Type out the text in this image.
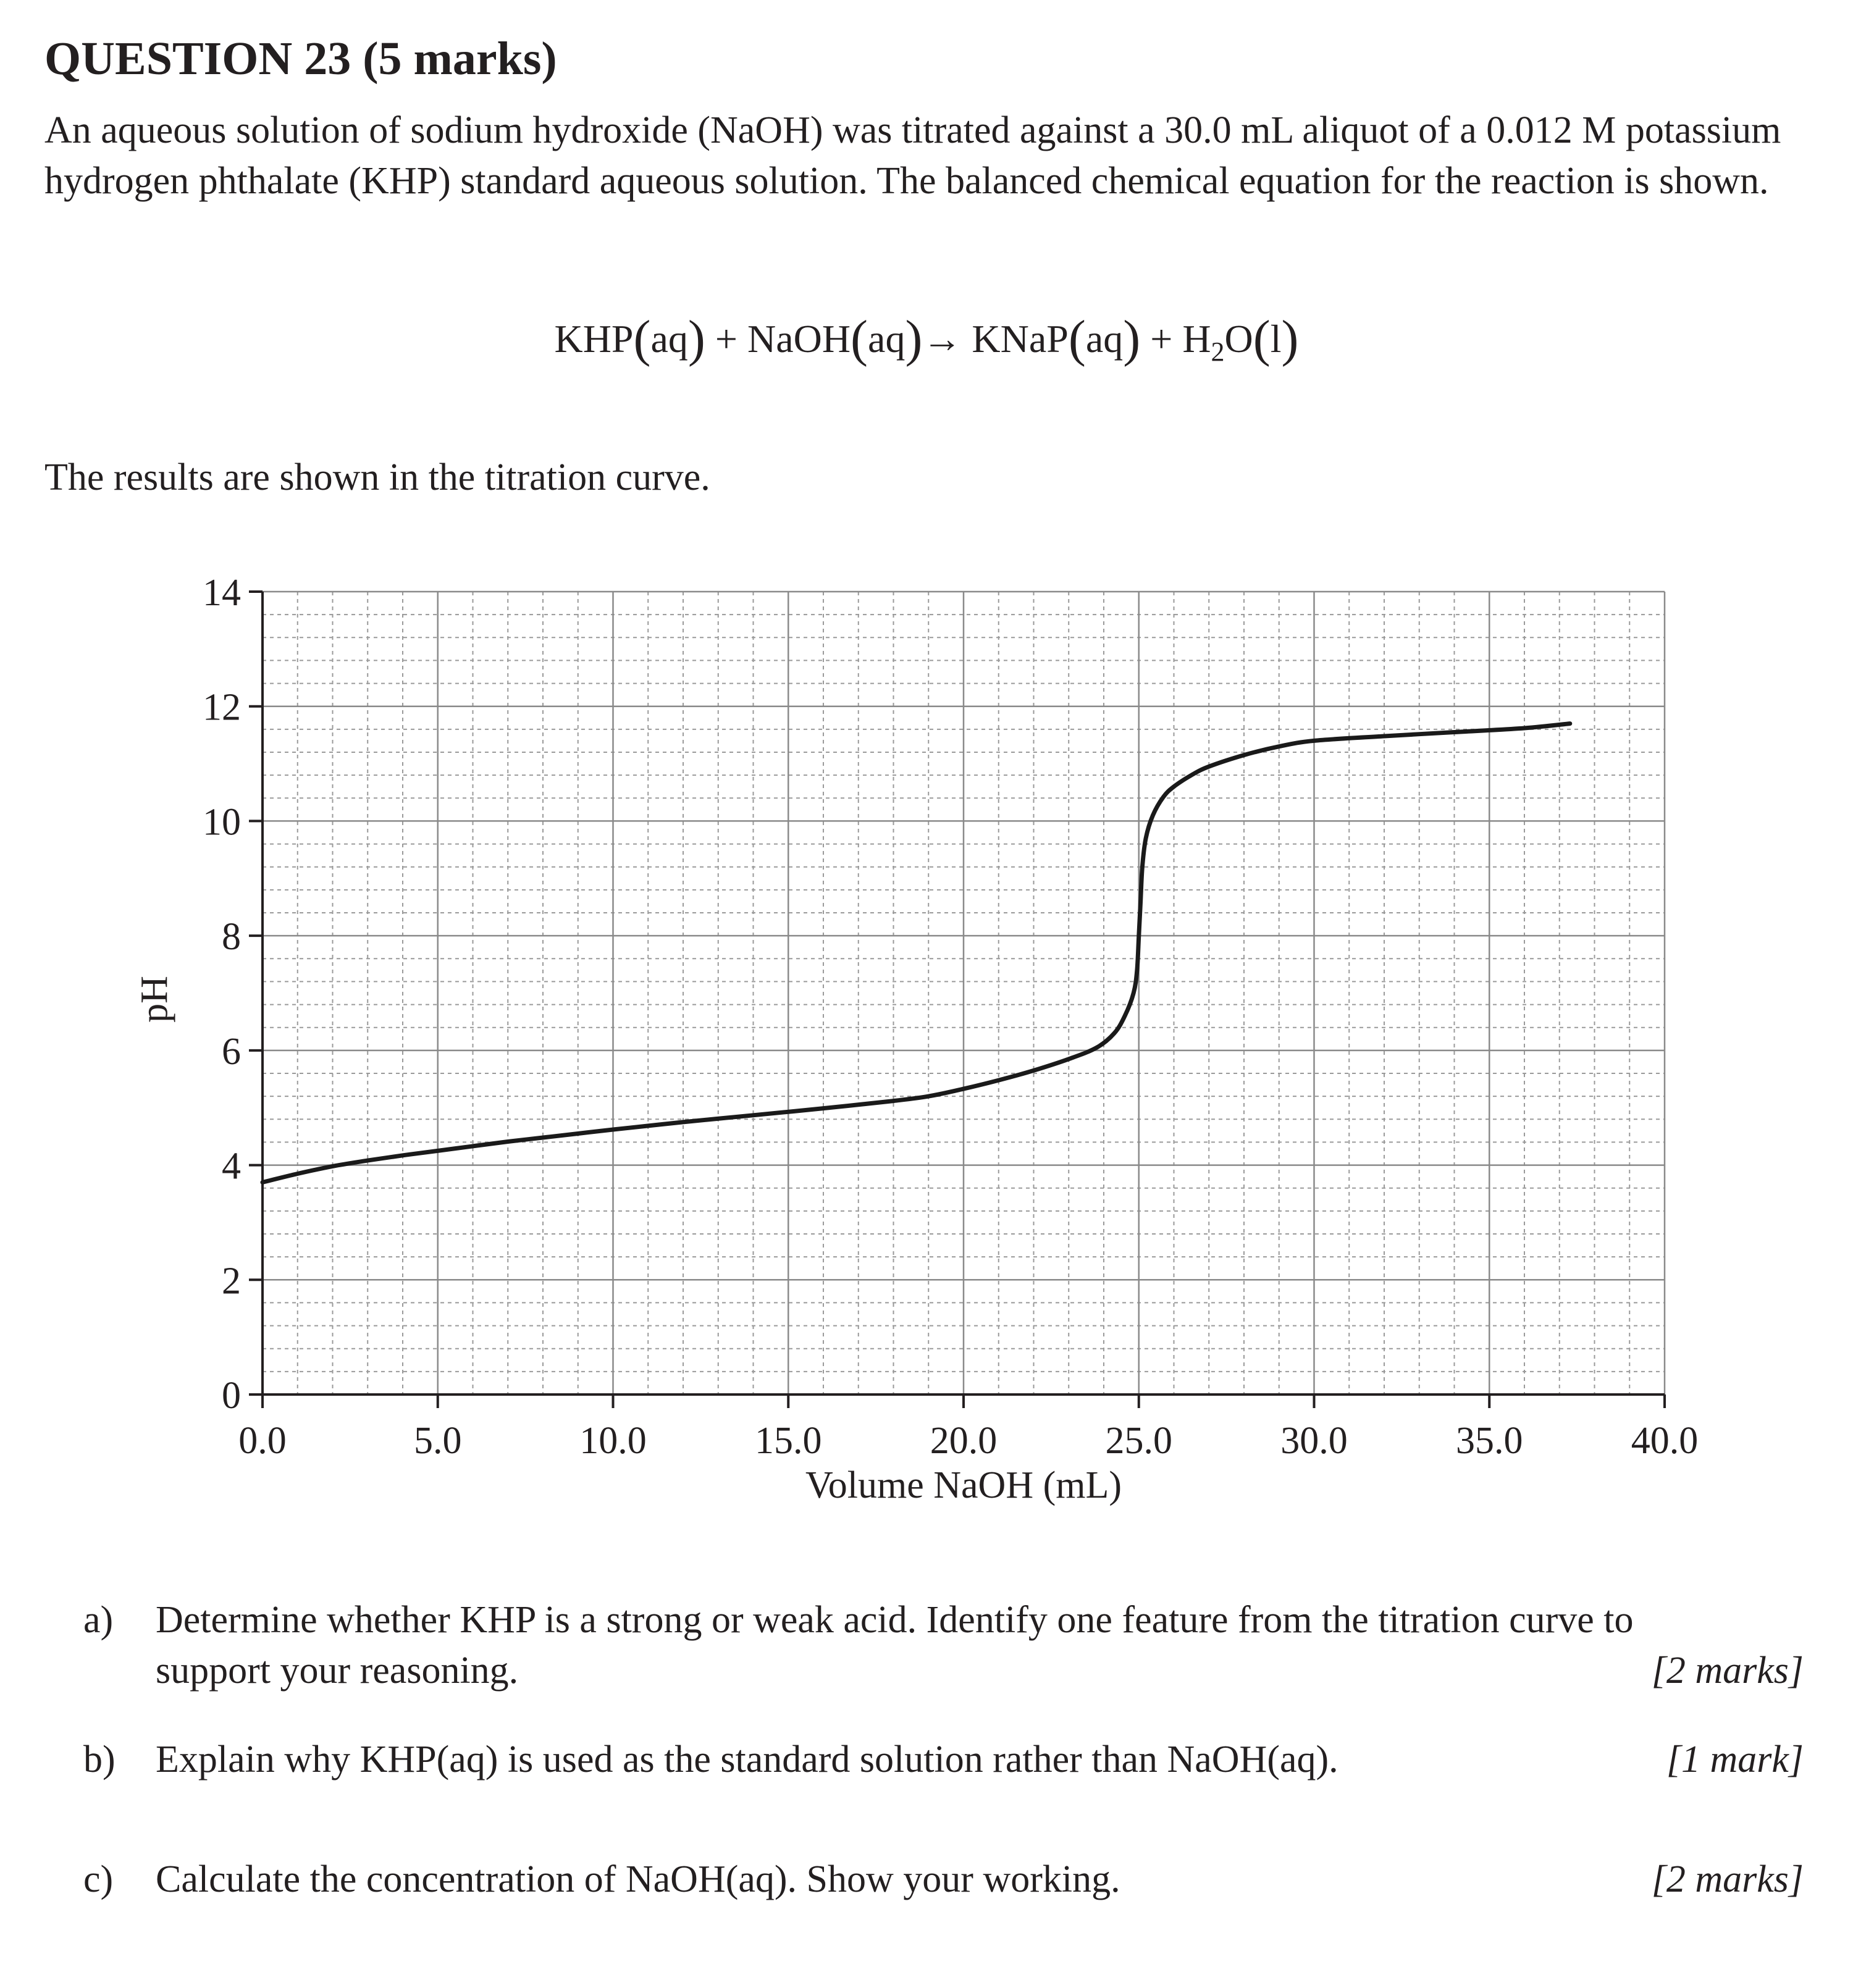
QUESTION 23 (5 marks)
An aqueous solution of sodium hydroxide (NaOH) was titrated against a 30.0 mL aliquot of a 0.012 M potassium hydrogen phthalate (KHP) standard aqueous solution. The balanced chemical equation for the reaction is shown.
KHP(aq) + NaOH(aq)→ KNaP(aq) + $H_2O(l)$
The results are shown in the titration curve.
0.0	5.0	10.0	15.0	20.0	25.0	30.0	35.0	40.0
0
2
4
6
8
10
12
14
Volume NaOH (mL)
pH
a) Determine whether KHP is a strong or weak acid. Identify one feature from the titration curve to support your reasoning.	[2 marks]
b) Explain why KHP(aq) is used as the standard solution rather than NaOH(aq).	[1 mark]
c) Calculate the concentration of NaOH(aq). Show your working.	[2 marks]
